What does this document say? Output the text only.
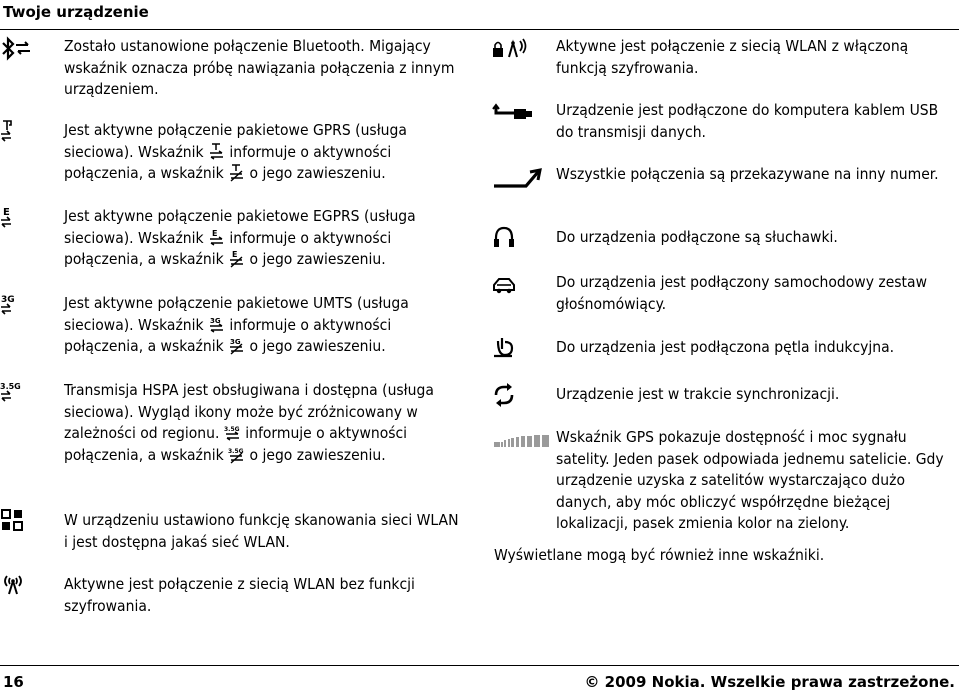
Twoje urządzenie
Zostało ustanowione połączenie Bluetooth. Migający wskaźnik oznacza próbę nawiązania połączenia z innym urządzeniem.
Jest aktywne połączenie pakietowe GPRS (usługa sieciowa). Wskaźnik  informuje o aktywności połączenia, a wskaźnik  o jego zawieszeniu.
E	Jest aktywne połączenie pakietowe EGPRS (usługa sieciowa). Wskaźnik E informuje o aktywności połączenia, a wskaźnik E o jego zawieszeniu.
3G	Jest aktywne połączenie pakietowe UMTS (usługa sieciowa). Wskaźnik 3G informuje o aktywności połączenia, a wskaźnik 3G o jego zawieszeniu.
3.5G	Transmisja HSPA jest obsługiwana i dostępna (usługa sieciowa). Wygląd ikony może być zróżnicowany w zależności od regionu. 3.5G informuje o aktywności połączenia, a wskaźnik 3.5G o jego zawieszeniu.
W urządzeniu ustawiono funkcję skanowania sieci WLAN i jest dostępna jakaś sieć WLAN.
Aktywne jest połączenie z siecią WLAN bez funkcji szyfrowania.
Aktywne jest połączenie z siecią WLAN z włączoną funkcją szyfrowania.
Urządzenie jest podłączone do komputera kablem USB do transmisji danych.
Wszystkie połączenia są przekazywane na inny numer.
Do urządzenia podłączone są słuchawki.
Do urządzenia jest podłączony samochodowy zestaw głośnomówiący.
Do urządzenia jest podłączona pętla indukcyjna.
Urządzenie jest w trakcie synchronizacji.
Wskaźnik GPS pokazuje dostępność i moc sygnału satelity. Jeden pasek odpowiada jednemu satelicie. Gdy urządzenie uzyska z satelitów wystarczająco dużo danych, aby móc obliczyć współrzędne bieżącej lokalizacji, pasek zmienia kolor na zielony.
Wyświetlane mogą być również inne wskaźniki.
16	© 2009 Nokia. Wszelkie prawa zastrzeżone.
